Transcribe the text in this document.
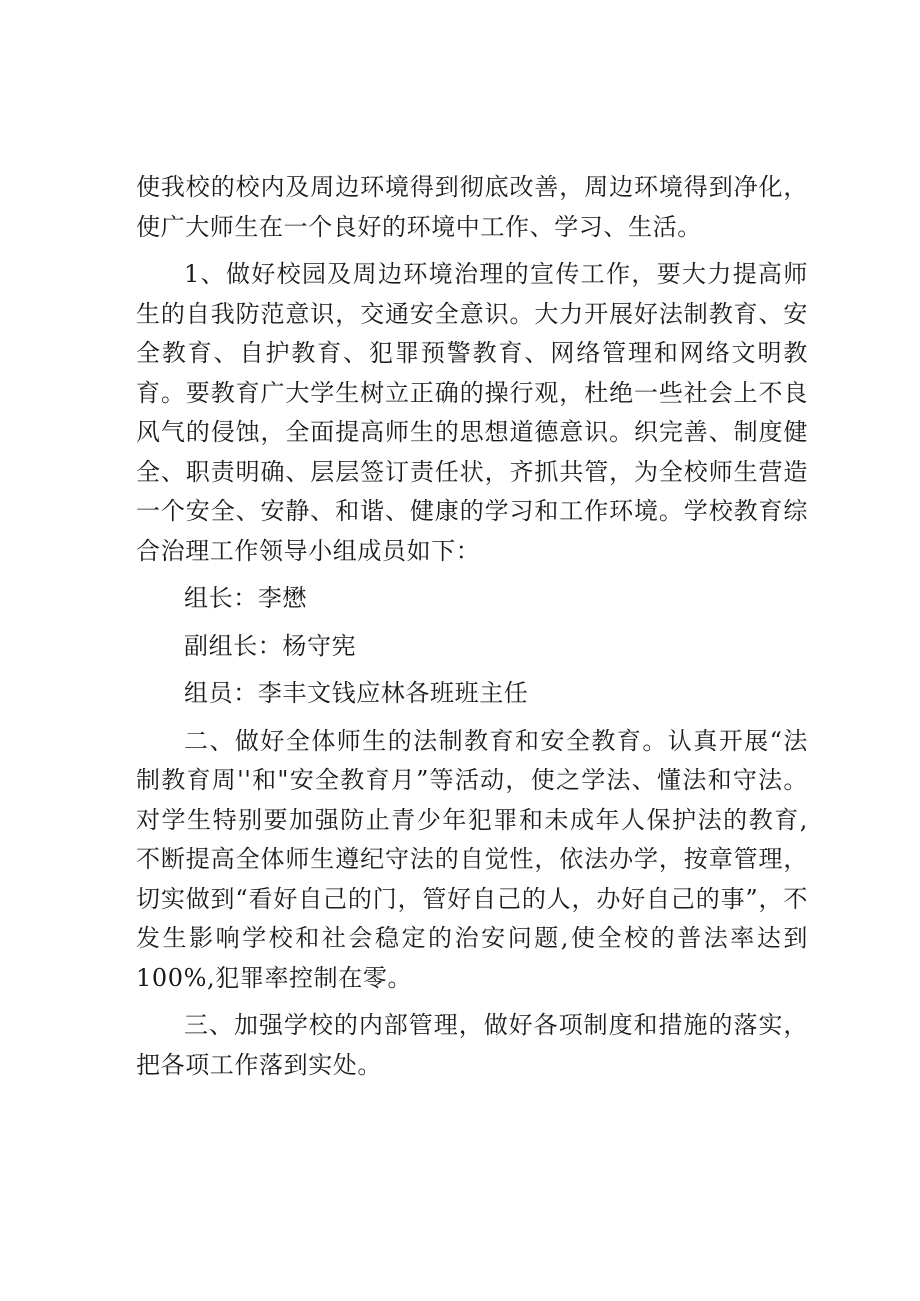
使我校的校内及周边环境得到彻底改善，周边环境得到净化，使广大师生在一个良好的环境中工作、学习、生活。

1、做好校园及周边环境治理的宣传工作，要大力提高师生的自我防范意识，交通安全意识。大力开展好法制教育、安全教育、自护教育、犯罪预警教育、网络管理和网络文明教育。要教育广大学生树立正确的操行观，杜绝一些社会上不良风气的侵蚀，全面提高师生的思想道德意识。织完善、制度健全、职责明确、层层签订责任状，齐抓共管，为全校师生营造一个安全、安静、和谐、健康的学习和工作环境。学校教育综合治理工作领导小组成员如下：

组长：李懋

副组长：杨守宪

组员：李丰文钱应林各班班主任

二、做好全体师生的法制教育和安全教育。认真开展“法制教育周''和"安全教育月”等活动，使之学法、懂法和守法。对学生特别要加强防止青少年犯罪和未成年人保护法的教育,不断提高全体师生遵纪守法的自觉性，依法办学，按章管理，切实做到“看好自己的门，管好自己的人，办好自己的事”，不发生影响学校和社会稳定的治安问题,使全校的普法率达到100%,犯罪率控制在零。

三、加强学校的内部管理，做好各项制度和措施的落实，把各项工作落到实处。
